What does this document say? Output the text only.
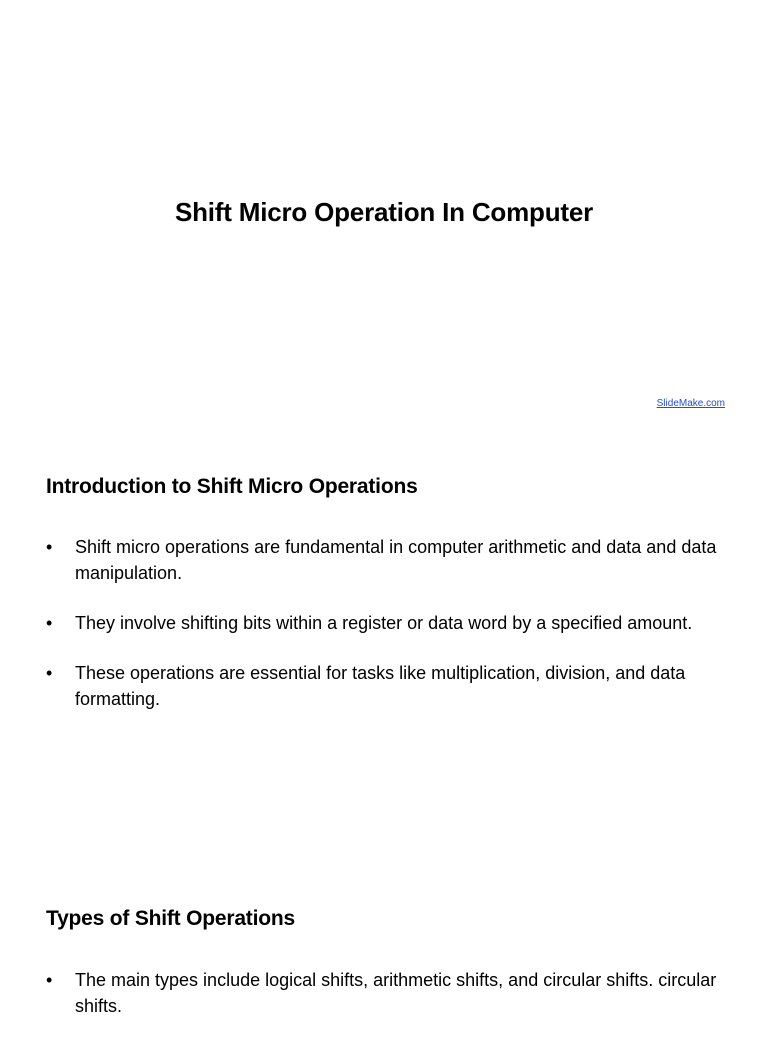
Shift Micro Operation In Computer
SlideMake.com
Introduction to Shift Micro Operations
•	Shift micro operations are fundamental in computer arithmetic and data and data manipulation.
•	They involve shifting bits within a register or data word by a specified amount.
•	These operations are essential for tasks like multiplication, division, and data formatting.
Types of Shift Operations
•	The main types include logical shifts, arithmetic shifts, and circular shifts. circular shifts.
